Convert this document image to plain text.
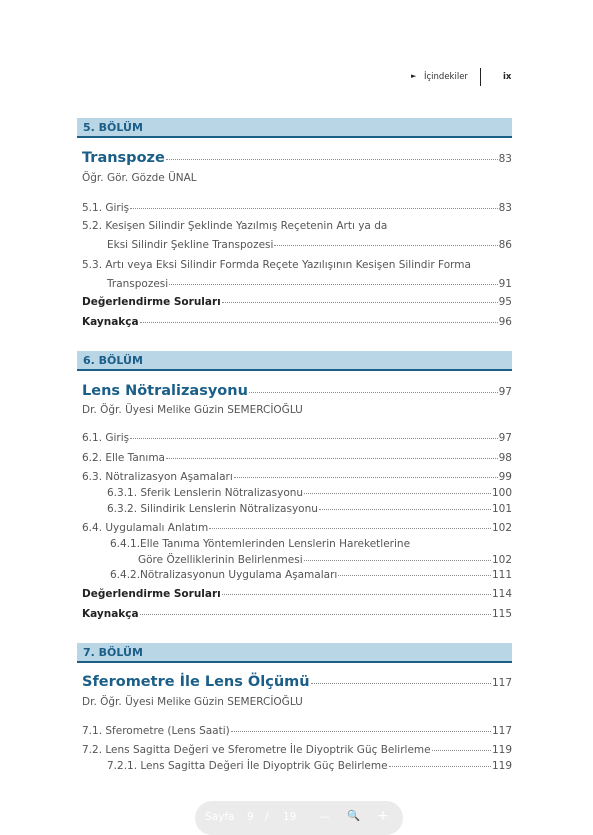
► İçindekiler	ix
5. BÖLÜM
Transpoze	83
Öğr. Gör. Gözde ÜNAL
5.1. Giriş	83
5.2. Kesişen Silindir Şeklinde Yazılmış Reçetenin Artı ya da
Eksi Silindir Şekline Transpozesi	86
5.3. Artı veya Eksi Silindir Formda Reçete Yazılışının Kesişen Silindir Forma
Transpozesi	91
Değerlendirme Soruları	95
Kaynakça	96
6. BÖLÜM
Lens Nötralizasyonu	97
Dr. Öğr. Üyesi Melike Güzin SEMERCİOĞLU
6.1. Giriş	97
6.2. Elle Tanıma	98
6.3. Nötralizasyon Aşamaları	99
6.3.1. Sferik Lenslerin Nötralizasyonu	100
6.3.2. Silindirik Lenslerin Nötralizasyonu	101
6.4. Uygulamalı Anlatım	102
6.4.1.Elle Tanıma Yöntemlerinden Lenslerin Hareketlerine
Göre Özelliklerinin Belirlenmesi	102
6.4.2.Nötralizasyonun Uygulama Aşamaları	111
Değerlendirme Soruları	114
Kaynakça	115
7. BÖLÜM
Sferometre İle Lens Ölçümü	117
Dr. Öğr. Üyesi Melike Güzin SEMERCİOĞLU
7.1. Sferometre (Lens Saati)	117
7.2. Lens Sagitta Değeri ve Sferometre İle Diyoptrik Güç Belirleme	119
7.2.1. Lens Sagitta Değeri İle Diyoptrik Güç Belirleme	119
Sayfa 9 / 19 — 🔍 +
